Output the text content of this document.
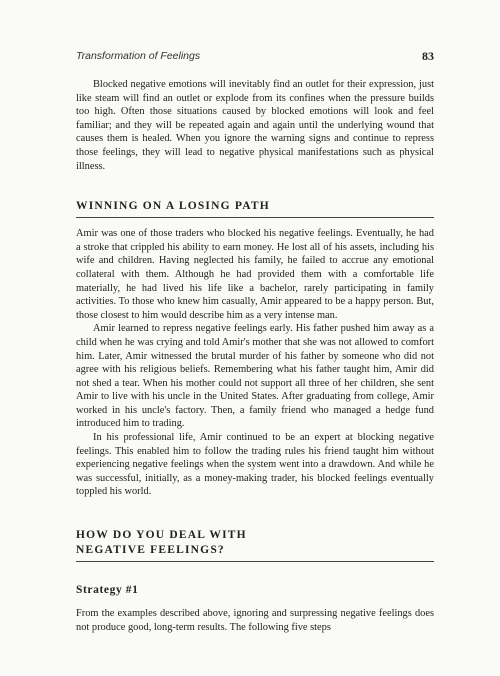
Transformation of Feelings	83

Blocked negative emotions will inevitably find an outlet for their expression, just like steam will find an outlet or explode from its confines when the pressure builds too high. Often those situations caused by blocked emotions will look and feel familiar; and they will be repeated again and again until the underlying wound that causes them is healed. When you ignore the warning signs and continue to repress those feelings, they will lead to negative physical manifestations such as physical illness.

WINNING ON A LOSING PATH

Amir was one of those traders who blocked his negative feelings. Eventually, he had a stroke that crippled his ability to earn money. He lost all of his assets, including his wife and children. Having neglected his family, he failed to accrue any emotional collateral with them. Although he had provided them with a comfortable life materially, he had lived his life like a bachelor, rarely participating in family activities. To those who knew him casually, Amir appeared to be a happy person. But, those closest to him would describe him as a very intense man.

Amir learned to repress negative feelings early. His father pushed him away as a child when he was crying and told Amir's mother that she was not allowed to comfort him. Later, Amir witnessed the brutal murder of his father by someone who did not agree with his religious beliefs. Remembering what his father taught him, Amir did not shed a tear. When his mother could not support all three of her children, she sent Amir to live with his uncle in the United States. After graduating from college, Amir worked in his uncle's factory. Then, a family friend who managed a hedge fund introduced him to trading.

In his professional life, Amir continued to be an expert at blocking negative feelings. This enabled him to follow the trading rules his friend taught him without experiencing negative feelings when the system went into a drawdown. And while he was successful, initially, as a money-making trader, his blocked feelings eventually toppled his world.

HOW DO YOU DEAL WITH
NEGATIVE FEELINGS?
Strategy #1

From the examples described above, ignoring and surpressing negative feelings does not produce good, long-term results. The following five steps
